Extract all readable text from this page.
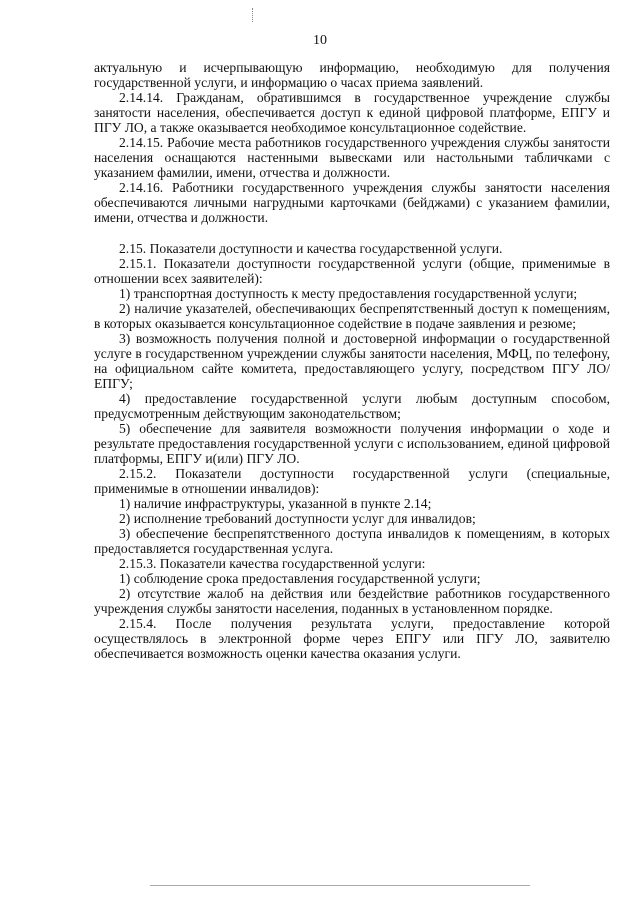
10

актуальную и исчерпывающую информацию, необходимую для получения государственной услуги, и информацию о часах приема заявлений.

2.14.14. Гражданам, обратившимся в государственное учреждение службы занятости населения, обеспечивается доступ к единой цифровой платформе, ЕПГУ и ПГУ ЛО, а также оказывается необходимое консультационное содействие.

2.14.15. Рабочие места работников государственного учреждения службы занятости населения оснащаются настенными вывесками или настольными табличками с указанием фамилии, имени, отчества и должности.

2.14.16. Работники государственного учреждения службы занятости населения обеспечиваются личными нагрудными карточками (бейджами) с указанием фамилии, имени, отчества и должности.

2.15. Показатели доступности и качества государственной услуги.

2.15.1. Показатели доступности государственной услуги (общие, применимые в отношении всех заявителей):

1) транспортная доступность к месту предоставления государственной услуги;

2) наличие указателей, обеспечивающих беспрепятственный доступ к помещениям, в которых оказывается консультационное содействие в подаче заявления и резюме;

3) возможность получения полной и достоверной информации о государственной услуге в государственном учреждении службы занятости населения, МФЦ, по телефону, на официальном сайте комитета, предоставляющего услугу, посредством ПГУ ЛО/ЕПГУ;

4) предоставление государственной услуги любым доступным способом, предусмотренным действующим законодательством;

5) обеспечение для заявителя возможности получения информации о ходе и результате предоставления государственной услуги с использованием, единой цифровой платформы, ЕПГУ и(или) ПГУ ЛО.

2.15.2. Показатели доступности государственной услуги (специальные, применимые в отношении инвалидов):

1) наличие инфраструктуры, указанной в пункте 2.14;

2) исполнение требований доступности услуг для инвалидов;

3) обеспечение беспрепятственного доступа инвалидов к помещениям, в которых предоставляется государственная услуга.

2.15.3. Показатели качества государственной услуги:

1) соблюдение срока предоставления государственной услуги;

2) отсутствие жалоб на действия или бездействие работников государственного учреждения службы занятости населения, поданных в установленном порядке.

2.15.4. После получения результата услуги, предоставление которой осуществлялось в электронной форме через ЕПГУ или ПГУ ЛО, заявителю обеспечивается возможность оценки качества оказания услуги.
